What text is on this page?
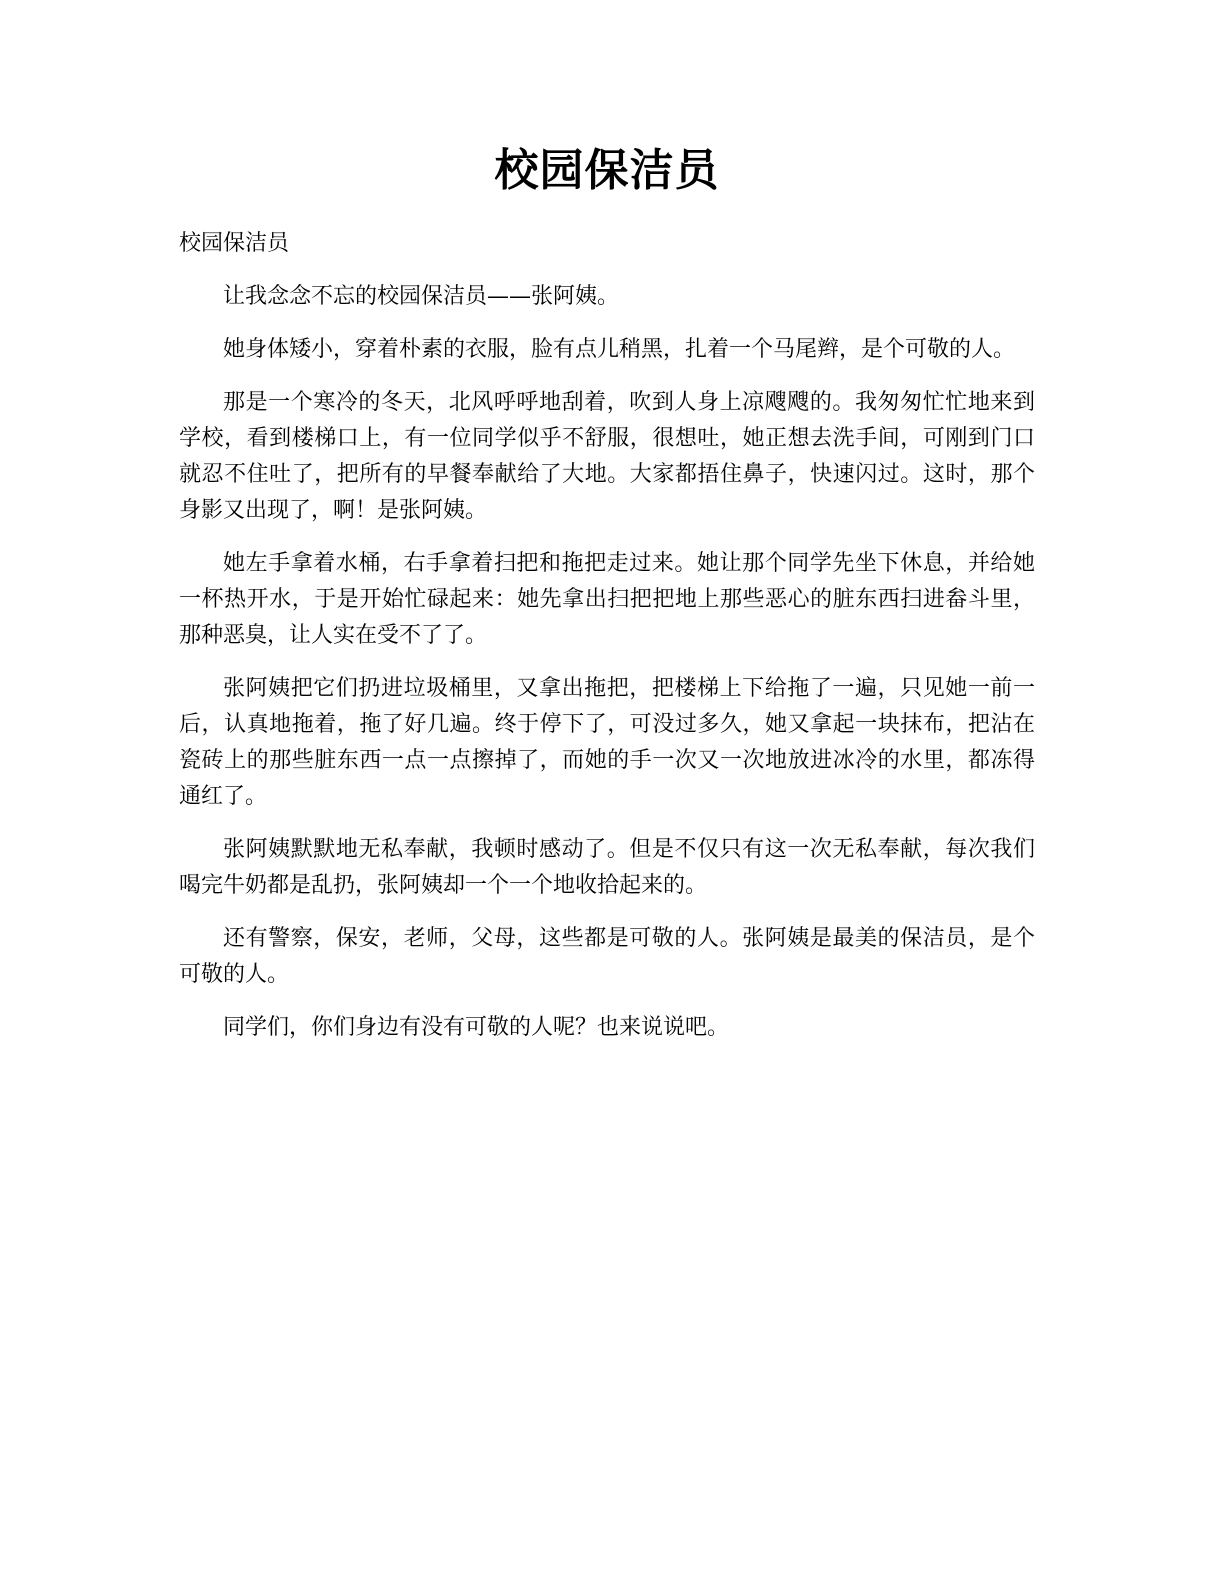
校园保洁员

校园保洁员

让我念念不忘的校园保洁员——张阿姨。

她身体矮小，穿着朴素的衣服，脸有点儿稍黑，扎着一个马尾辫，是个可敬的人。

那是一个寒冷的冬天，北风呼呼地刮着，吹到人身上凉飕飕的。我匆匆忙忙地来到学校，看到楼梯口上，有一位同学似乎不舒服，很想吐，她正想去洗手间，可刚到门口就忍不住吐了，把所有的早餐奉献给了大地。大家都捂住鼻子，快速闪过。这时，那个身影又出现了，啊！是张阿姨。

她左手拿着水桶，右手拿着扫把和拖把走过来。她让那个同学先坐下休息，并给她一杯热开水，于是开始忙碌起来：她先拿出扫把把地上那些恶心的脏东西扫进畚斗里，那种恶臭，让人实在受不了了。

张阿姨把它们扔进垃圾桶里，又拿出拖把，把楼梯上下给拖了一遍，只见她一前一后，认真地拖着，拖了好几遍。终于停下了，可没过多久，她又拿起一块抹布，把沾在瓷砖上的那些脏东西一点一点擦掉了，而她的手一次又一次地放进冰冷的水里，都冻得通红了。

张阿姨默默地无私奉献，我顿时感动了。但是不仅只有这一次无私奉献，每次我们喝完牛奶都是乱扔，张阿姨却一个一个地收拾起来的。

还有警察，保安，老师，父母，这些都是可敬的人。张阿姨是最美的保洁员，是个可敬的人。

同学们，你们身边有没有可敬的人呢？也来说说吧。
